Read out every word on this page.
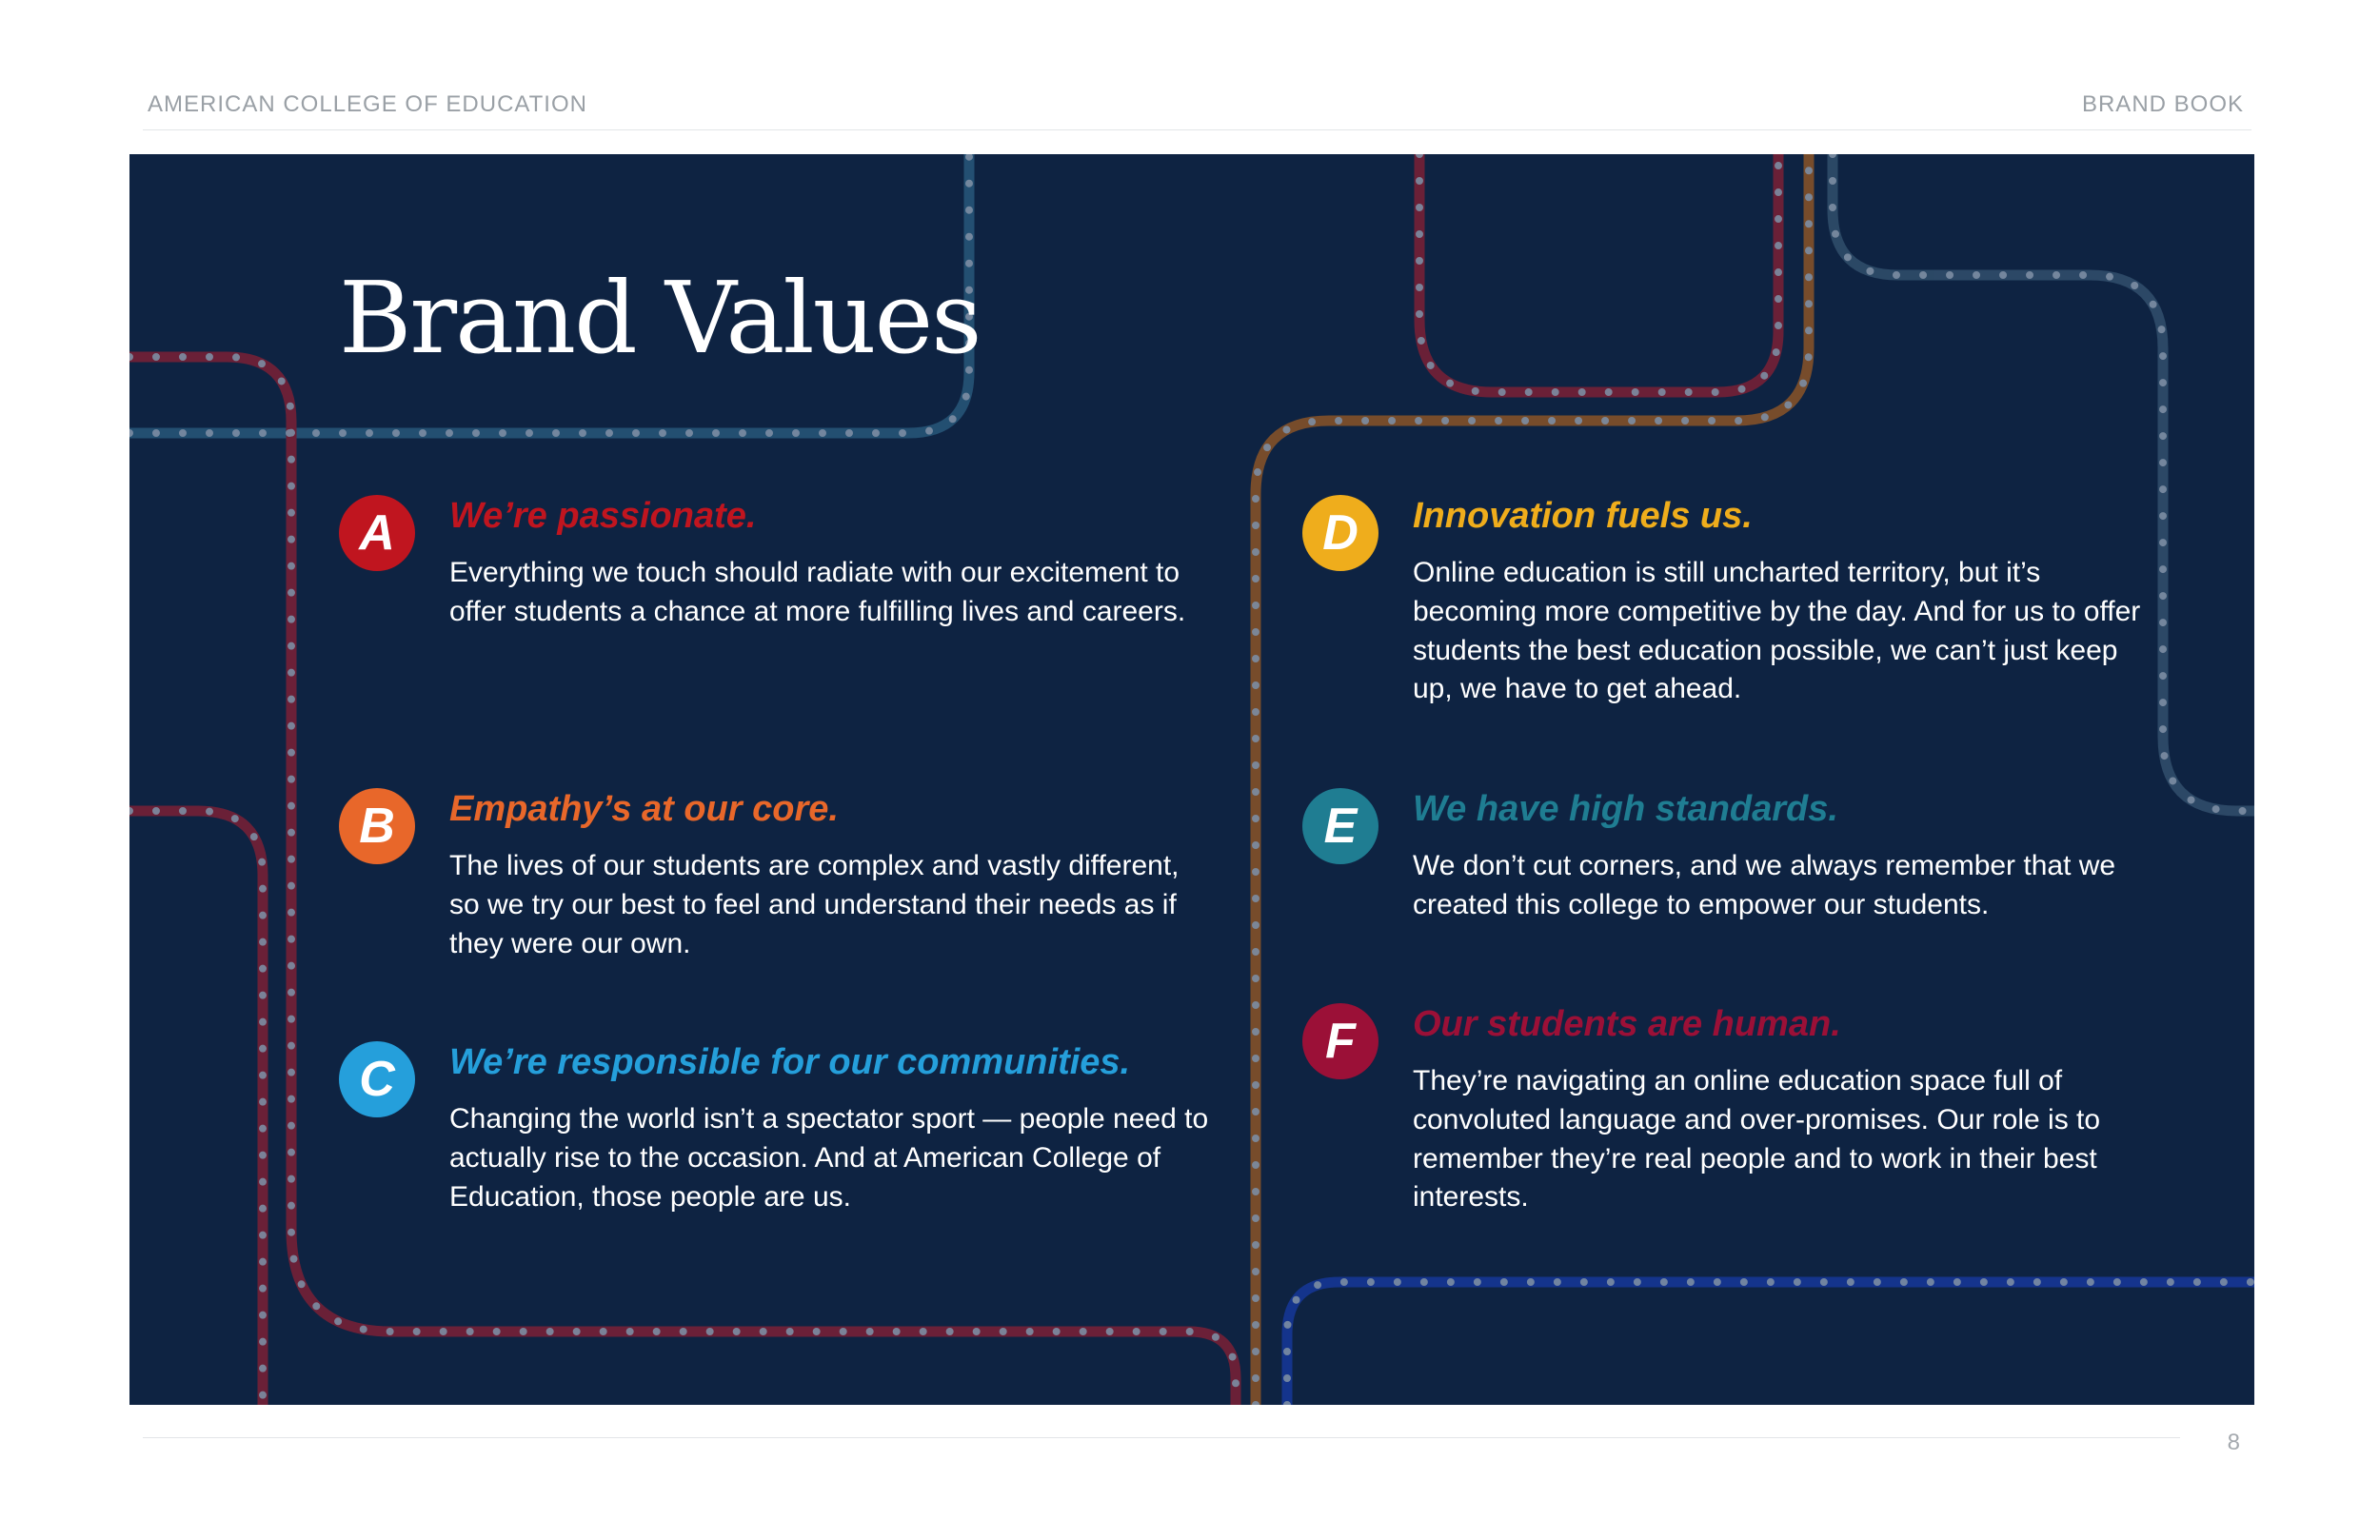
AMERICAN COLLEGE OF EDUCATION	BRAND BOOK
Brand Values
A	We’re passionate.

Everything we touch should radiate with our excitement to offer students a chance at more fulfilling lives and careers.

B	Empathy’s at our core.

The lives of our students are complex and vastly different, so we try our best to feel and understand their needs as if they were our own.

C	We’re responsible for our communities.

Changing the world isn’t a spectator sport — people need to actually rise to the occasion. And at American College of Education, those people are us.

D	Innovation fuels us.

Online education is still uncharted territory, but it’s becoming more competitive by the day. And for us to offer students the best education possible, we can’t just keep up, we have to get ahead.

E	We have high standards.

We don’t cut corners, and we always remember that we created this college to empower our students.

F	Our students are human.

They’re navigating an online education space full of convoluted language and over-promises. Our role is to remember they’re real people and to work in their best interests.

8
